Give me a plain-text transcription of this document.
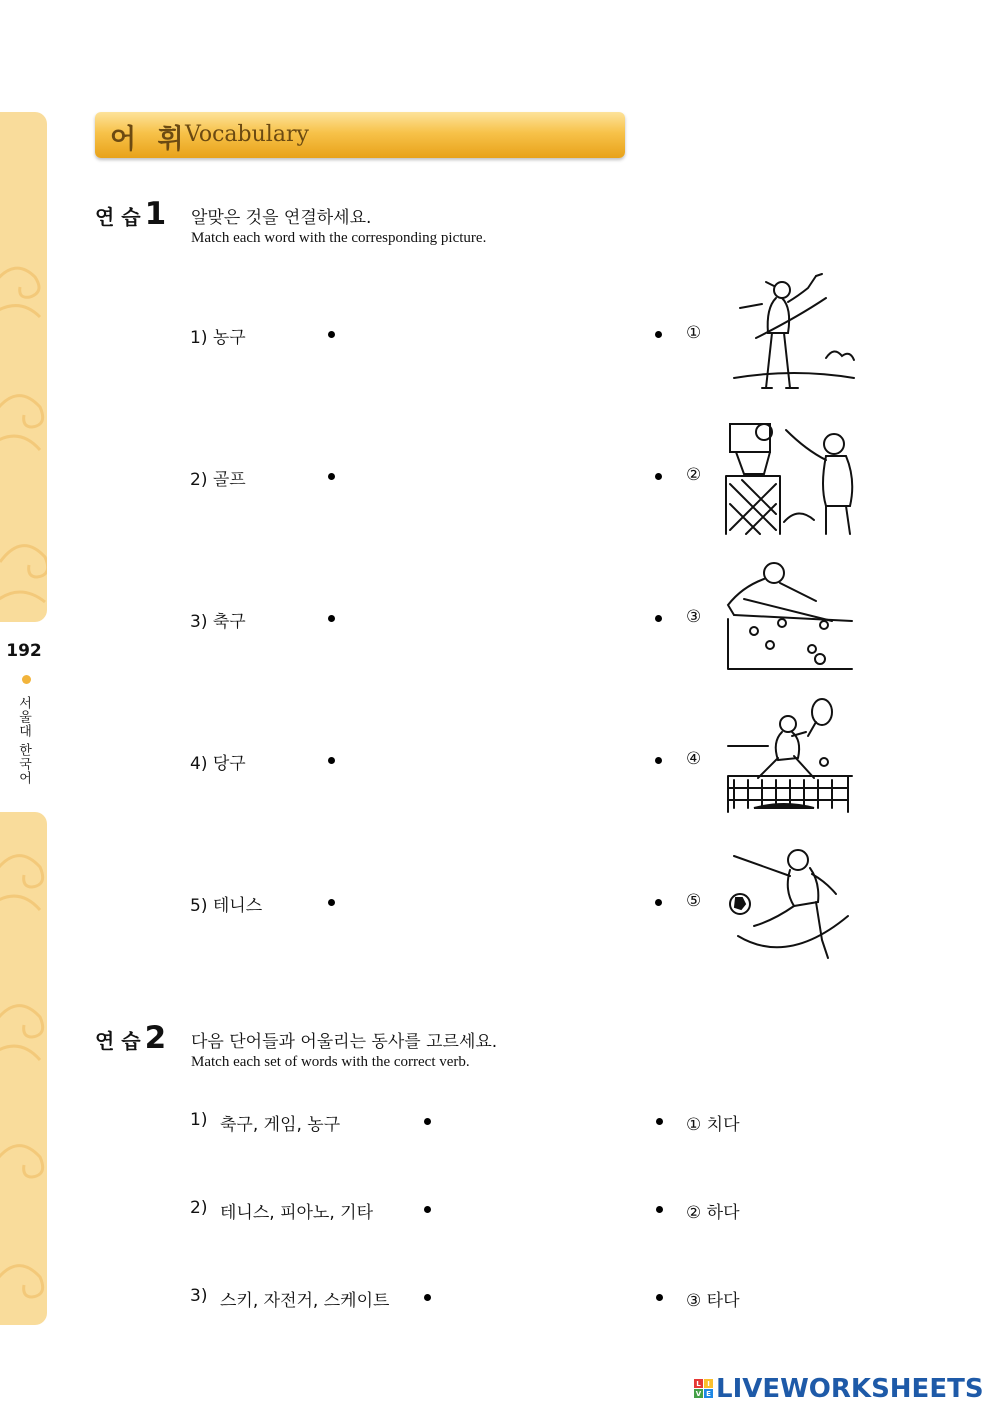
192
서울대 한국어
어 휘
Vocabulary
연 습 1 알맞은 것을 연결하세요.
Match each word with the corresponding picture.
1) 농구	①
2) 골프	②
3) 축구	③
4) 당구	④
5) 테니스	⑤
연 습 2 다음 단어들과 어울리는 동사를 고르세요.
Match each set of words with the correct verb.
1) 축구, 게임, 농구	① 치다
2) 테니스, 피아노, 기타	② 하다
3) 스키, 자전거, 스케이트	③ 타다
L I
V E LIVEWORKSHEETS
